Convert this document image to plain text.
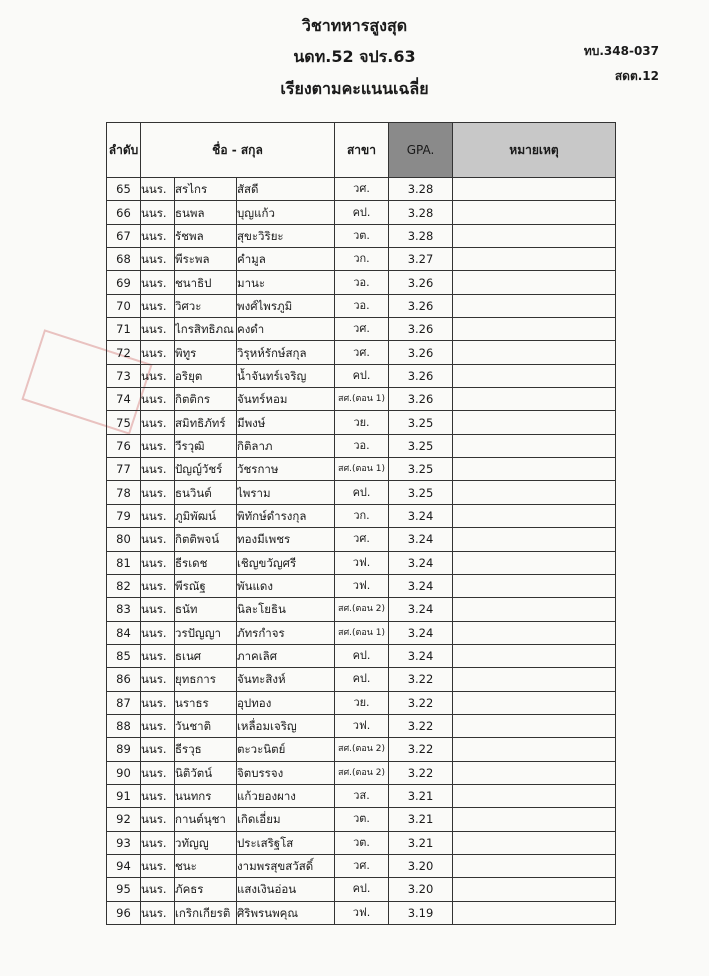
วิชาทหารสูงสุด
นดท.52 จปร.63
เรียงตามคะแนนเฉลี่ย
ทบ.348-037
สดต.12
ลำดับ	ชื่อ - สกุล			สาขา	GPA.	หมายเหตุ
65	นนร.	สรไกร	สัสดี	วศ.	3.28	
66	นนร.	ธนพล	บุญแก้ว	คป.	3.28	
67	นนร.	รัชพล	สุขะวิริยะ	วต.	3.28	
68	นนร.	พีระพล	คำมูล	วก.	3.27	
69	นนร.	ชนาธิป	มานะ	วอ.	3.26	
70	นนร.	วิศวะ	พงศ์ไพรภูมิ	วอ.	3.26	
71	นนร.	ไกรสิทธิภณ	คงดำ	วศ.	3.26	
72	นนร.	พิทูร	วิรุหห์รักษ์สกุล	วศ.	3.26	
73	นนร.	อริยุต	น้ำจันทร์เจริญ	คป.	3.26	
74	นนร.	กิตติกร	จันทร์หอม	สศ.(ตอน 1)	3.26	
75	นนร.	สมิทธิภัทร์	มีพงษ์	วย.	3.25	
76	นนร.	วีรวุฒิ	กิติลาภ	วอ.	3.25	
77	นนร.	ปัญญ์วัชร์	วัชรกาษ	สศ.(ตอน 1)	3.25	
78	นนร.	ธนวินต์	ไพราม	คป.	3.25	
79	นนร.	ภูมิพัฒน์	พิทักษ์ดำรงกุล	วก.	3.24	
80	นนร.	กิตติพจน์	ทองมีเพชร	วศ.	3.24	
81	นนร.	ธีรเดช	เชิญขวัญศรี	วฟ.	3.24	
82	นนร.	พีรณัฐ	พันแดง	วฟ.	3.24	
83	นนร.	ธนัท	นิละโยธิน	สศ.(ตอน 2)	3.24	
84	นนร.	วรปัญญา	ภัทรกำจร	สศ.(ตอน 1)	3.24	
85	นนร.	ธเนศ	ภาคเลิศ	คป.	3.24	
86	นนร.	ยุทธการ	จันทะสิงห์	คป.	3.22	
87	นนร.	นราธร	อุปทอง	วย.	3.22	
88	นนร.	วันชาติ	เหลื่อมเจริญ	วฟ.	3.22	
89	นนร.	ธีรวุธ	ตะวะนิตย์	สศ.(ตอน 2)	3.22	
90	นนร.	นิติวัตน์	จิตบรรจง	สศ.(ตอน 2)	3.22	
91	นนร.	นนทกร	แก้วยองผาง	วส.	3.21	
92	นนร.	กานต์นุชา	เกิดเอี่ยม	วต.	3.21	
93	นนร.	วทัญญู	ประเสริฐโส	วต.	3.21	
94	นนร.	ชนะ	งามพรสุขสวัสดิ์	วศ.	3.20	
95	นนร.	ภัคธร	แสงเงินอ่อน	คป.	3.20	
96	นนร.	เกริกเกียรติ	ศิริพรนพคุณ	วฟ.	3.19	
